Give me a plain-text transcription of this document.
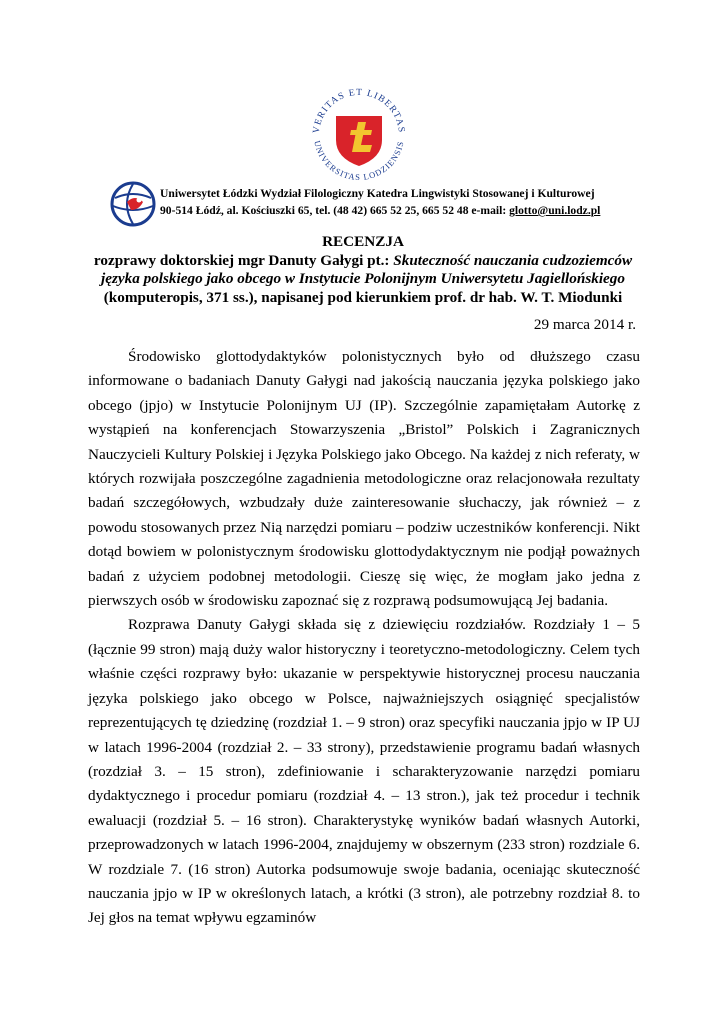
VERITAS ET LIBERTAS
UNIVERSITAS LODZIENSIS
Uniwersytet Łódzki Wydział Filologiczny Katedra Lingwistyki Stosowanej i Kulturowej
90-514 Łódź, al. Kościuszki 65, tel. (48 42) 665 52 25, 665 52 48 e-mail: glotto@uni.lodz.pl
RECENZJA
rozprawy doktorskiej mgr Danuty Gałygi pt.: Skuteczność nauczania cudzoziemców
języka polskiego jako obcego w Instytucie Polonijnym Uniwersytetu Jagiellońskiego
(komputeropis, 371 ss.), napisanej pod kierunkiem prof. dr hab. W. T. Miodunki
29 marca 2014 r.

Środowisko glottodydaktyków polonistycznych było od dłuższego czasu informowane o badaniach Danuty Gałygi nad jakością nauczania języka polskiego jako obcego (jpjo) w Instytucie Polonijnym UJ (IP). Szczególnie zapamiętałam Autorkę z wystąpień na konferencjach Stowarzyszenia „Bristol” Polskich i Zagranicznych Nauczycieli Kultury Polskiej i Języka Polskiego jako Obcego. Na każdej z nich referaty, w których rozwijała poszczególne zagadnienia metodologiczne oraz relacjonowała rezultaty badań szczegółowych, wzbudzały duże zainteresowanie słuchaczy, jak również – z powodu stosowanych przez Nią narzędzi pomiaru – podziw uczestników konferencji. Nikt dotąd bowiem w polonistycznym środowisku glottodydaktycznym nie podjął poważnych badań z użyciem podobnej metodologii. Cieszę się więc, że mogłam jako jedna z pierwszych osób w środowisku zapoznać się z rozprawą podsumowującą Jej badania.

Rozprawa Danuty Gałygi składa się z dziewięciu rozdziałów. Rozdziały 1 – 5 (łącznie 99 stron) mają duży walor historyczny i teoretyczno-metodologiczny. Celem tych właśnie części rozprawy było: ukazanie w perspektywie historycznej procesu nauczania języka polskiego jako obcego w Polsce, najważniejszych osiągnięć specjalistów reprezentujących tę dziedzinę (rozdział 1. – 9 stron) oraz specyfiki nauczania jpjo w IP UJ w latach 1996-2004 (rozdział 2. – 33 strony), przedstawienie programu badań własnych (rozdział 3. – 15 stron), zdefiniowanie i scharakteryzowanie narzędzi pomiaru dydaktycznego i procedur pomiaru (rozdział 4. – 13 stron.), jak też procedur i technik ewaluacji (rozdział 5. – 16 stron). Charakterystykę wyników badań własnych Autorki, przeprowadzonych w latach 1996-2004, znajdujemy w obszernym (233 stron) rozdziale 6. W rozdziale 7. (16 stron) Autorka podsumowuje swoje badania, oceniając skuteczność nauczania jpjo w IP w określonych latach, a krótki (3 stron), ale potrzebny rozdział 8. to Jej głos na temat wpływu egzaminów
